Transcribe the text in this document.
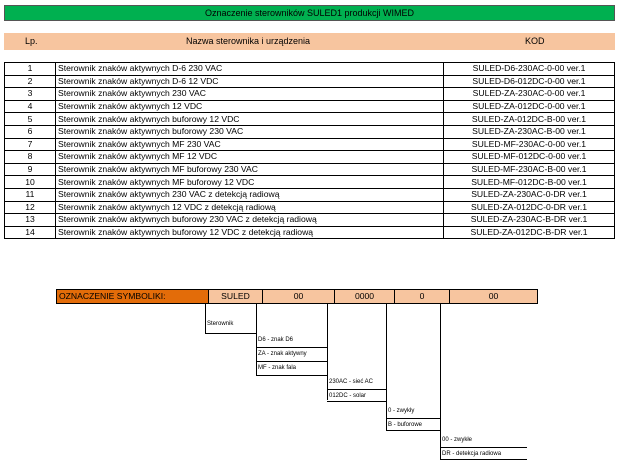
Oznaczenie sterowników SULED1 produkcji WIMED
Lp.	Nazwa sterownika i urządzenia	KOD
1	Sterownik znaków aktywnych D-6 230 VAC	SULED-D6-230AC-0-00 ver.1
2	Sterownik znaków aktywnych D-6 12 VDC	SULED-D6-012DC-0-00 ver.1
3	Sterownik znaków aktywnych 230 VAC	SULED-ZA-230AC-0-00 ver.1
4	Sterownik znaków aktywnych 12 VDC	SULED-ZA-012DC-0-00 ver.1
5	Sterownik znaków aktywnych buforowy 12 VDC	SULED-ZA-012DC-B-00 ver.1
6	Sterownik znaków aktywnych buforowy 230 VAC	SULED-ZA-230AC-B-00 ver.1
7	Sterownik znaków aktywnych MF 230 VAC	SULED-MF-230AC-0-00 ver.1
8	Sterownik znaków aktywnych MF 12 VDC	SULED-MF-012DC-0-00 ver.1
9	Sterownik znaków aktywnych MF buforowy 230 VAC	SULED-MF-230AC-B-00 ver.1
10	Sterownik znaków aktywnych MF buforowy 12 VDC	SULED-MF-012DC-B-00 ver.1
11	Sterownik znaków aktywnych 230 VAC z detekcją radiową	SULED-ZA-230AC-0-DR ver.1
12	Sterownik znaków aktywnych 12 VDC z detekcją radiową	SULED-ZA-012DC-0-DR ver.1
13	Sterownik znaków aktywnych buforowy 230 VAC z detekcją radiową	SULED-ZA-230AC-B-DR ver.1
14	Sterownik znaków aktywnych buforowy 12 VDC z detekcją radiową	SULED-ZA-012DC-B-DR ver.1
OZNACZENIE SYMBOLIKI:	SULED	00	0000	0	00
Sterownik
D6 - znak D6
ZA - znak aktywny
MF - znak fala
230AC - sieć AC
012DC - solar
0 - zwykły
B - buforowe
00 - zwykłe
DR - detekcja radiowa
